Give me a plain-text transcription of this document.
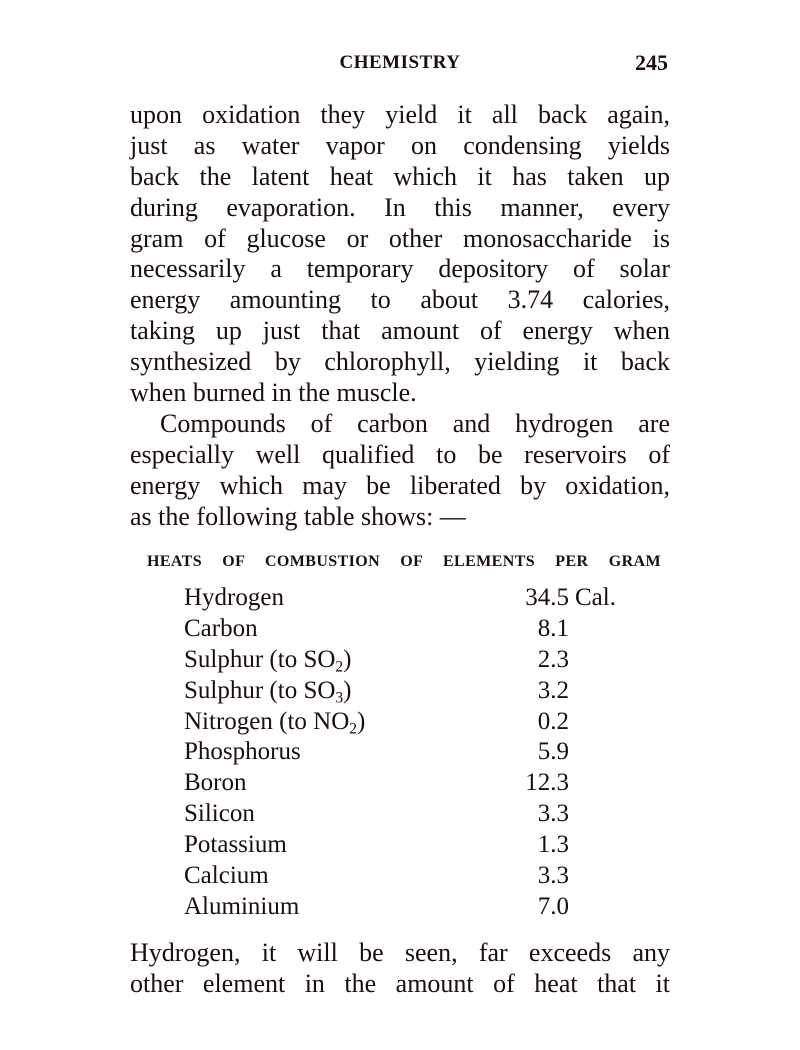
CHEMISTRY	245
upon oxidation they yield it all back again,
just as water vapor on condensing yields
back the latent heat which it has taken up
during evaporation. In this manner, every
gram of glucose or other monosaccharide is
necessarily a temporary depository of solar
energy amounting to about 3.74 calories,
taking up just that amount of energy when
synthesized by chlorophyll, yielding it back
when burned in the muscle.
Compounds of carbon and hydrogen are
especially well qualified to be reservoirs of
energy which may be liberated by oxidation,
as the following table shows: —
HEATS OF COMBUSTION OF ELEMENTS PER GRAM
Hydrogen	34.5 Cal.
Carbon	8.1
Sulphur (to $SO_2$)	2.3
Sulphur (to $SO_3$)	3.2
Nitrogen (to $NO_2$)	0.2
Phosphorus	5.9
Boron	12.3
Silicon	3.3
Potassium	1.3
Calcium	3.3
Aluminium	7.0
Hydrogen, it will be seen, far exceeds any
other element in the amount of heat that it
